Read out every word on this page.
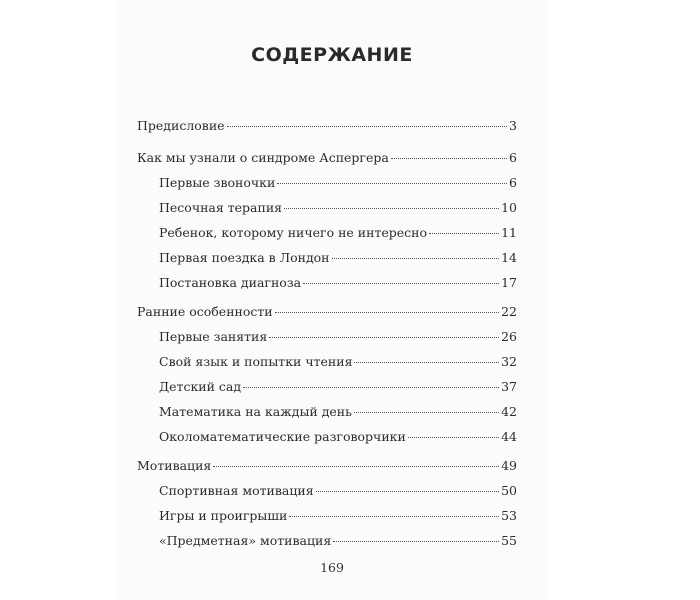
СОДЕРЖАНИЕ
Предисловие	3
Как мы узнали о синдроме Аспергера	6
Первые звоночки	6
Песочная терапия	10
Ребенок, которому ничего не интересно	11
Первая поездка в Лондон	14
Постановка диагноза	17
Ранние особенности	22
Первые занятия	26
Свой язык и попытки чтения	32
Детский сад	37
Математика на каждый день	42
Околоматематические разговорчики	44
Мотивация	49
Спортивная мотивация	50
Игры и проигрыши	53
«Предметная» мотивация	55
169
